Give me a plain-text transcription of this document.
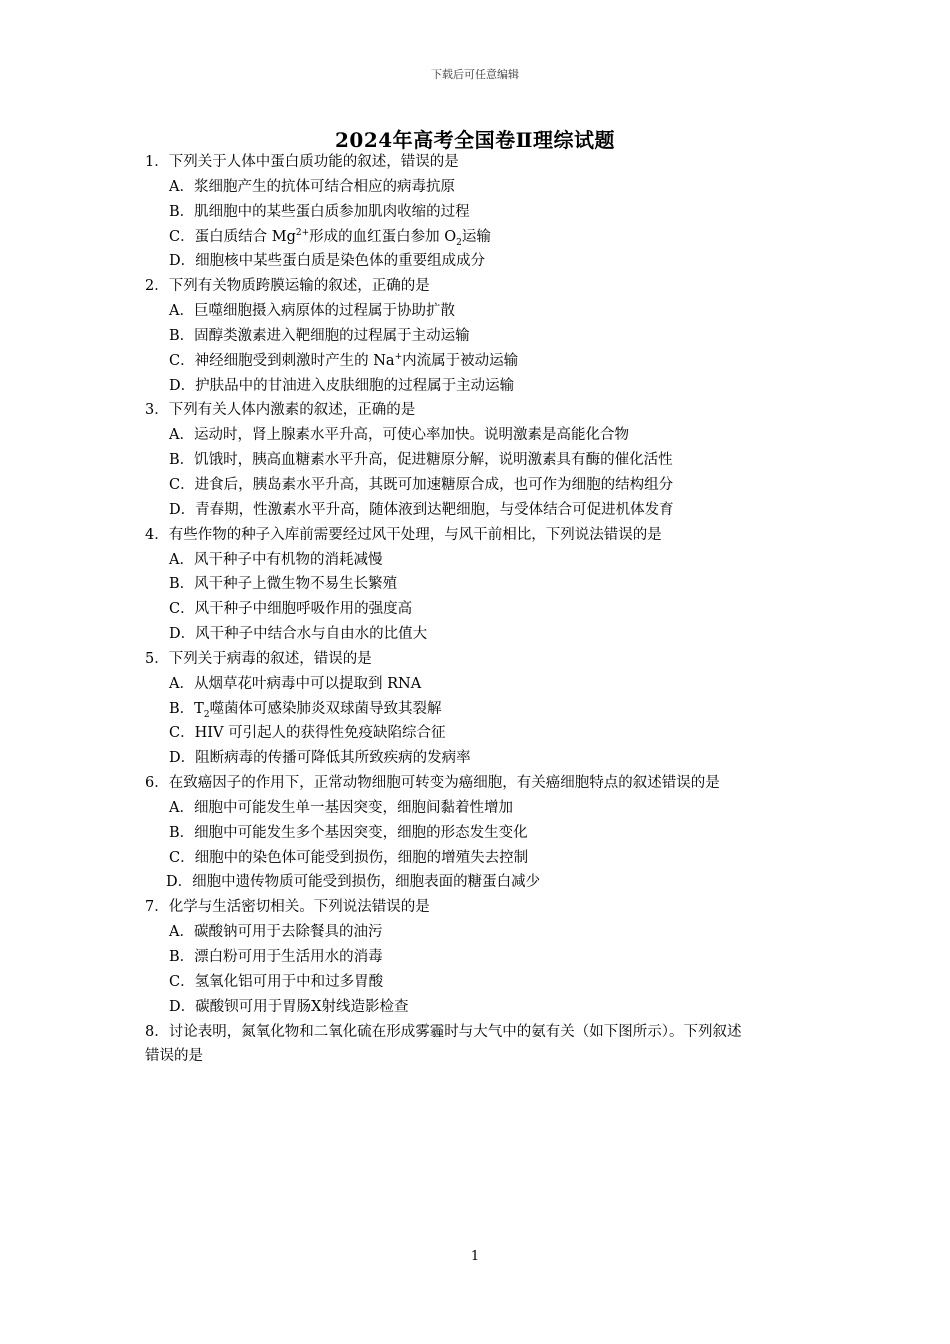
下载后可任意编辑
2024年高考全国卷Ⅱ理综试题
1．下列关于人体中蛋白质功能的叙述，错误的是
A．浆细胞产生的抗体可结合相应的病毒抗原
B．肌细胞中的某些蛋白质参加肌肉收缩的过程
C．蛋白质结合 $Mg^{2+}$形成的血红蛋白参加 $O_2$运输
D．细胞核中某些蛋白质是染色体的重要组成成分
2．下列有关物质跨膜运输的叙述，正确的是
A．巨噬细胞摄入病原体的过程属于协助扩散
B．固醇类激素进入靶细胞的过程属于主动运输
C．神经细胞受到刺激时产生的 Na+内流属于被动运输
D．护肤品中的甘油进入皮肤细胞的过程属于主动运输
3．下列有关人体内激素的叙述，正确的是
A．运动时，肾上腺素水平升高，可使心率加快。说明激素是高能化合物
B．饥饿时，胰高血糖素水平升高，促进糖原分解，说明激素具有酶的催化活性
C．进食后，胰岛素水平升高，其既可加速糖原合成，也可作为细胞的结构组分
D．青春期，性激素水平升高，随体液到达靶细胞，与受体结合可促进机体发育
4．有些作物的种子入库前需要经过风干处理，与风干前相比，下列说法错误的是
A．风干种子中有机物的消耗减慢
B．风干种子上微生物不易生长繁殖
C．风干种子中细胞呼吸作用的强度高
D．风干种子中结合水与自由水的比值大
5．下列关于病毒的叙述，错误的是
A．从烟草花叶病毒中可以提取到 RNA
B．$T_2$噬菌体可感染肺炎双球菌导致其裂解
C．HIV 可引起人的获得性免疫缺陷综合征
D．阻断病毒的传播可降低其所致疾病的发病率
6．在致癌因子的作用下，正常动物细胞可转变为癌细胞，有关癌细胞特点的叙述错误的是
A．细胞中可能发生单一基因突变，细胞间黏着性增加
B．细胞中可能发生多个基因突变，细胞的形态发生变化
C．细胞中的染色体可能受到损伤，细胞的增殖失去控制
D．细胞中遗传物质可能受到损伤，细胞表面的糖蛋白减少
7．化学与生活密切相关。下列说法错误的是
A．碳酸钠可用于去除餐具的油污
B．漂白粉可用于生活用水的消毒
C．氢氧化铝可用于中和过多胃酸
D．碳酸钡可用于胃肠X射线造影检查
8．讨论表明，氮氧化物和二氧化硫在形成雾霾时与大气中的氨有关（如下图所示）。下列叙述
错误的是
1
